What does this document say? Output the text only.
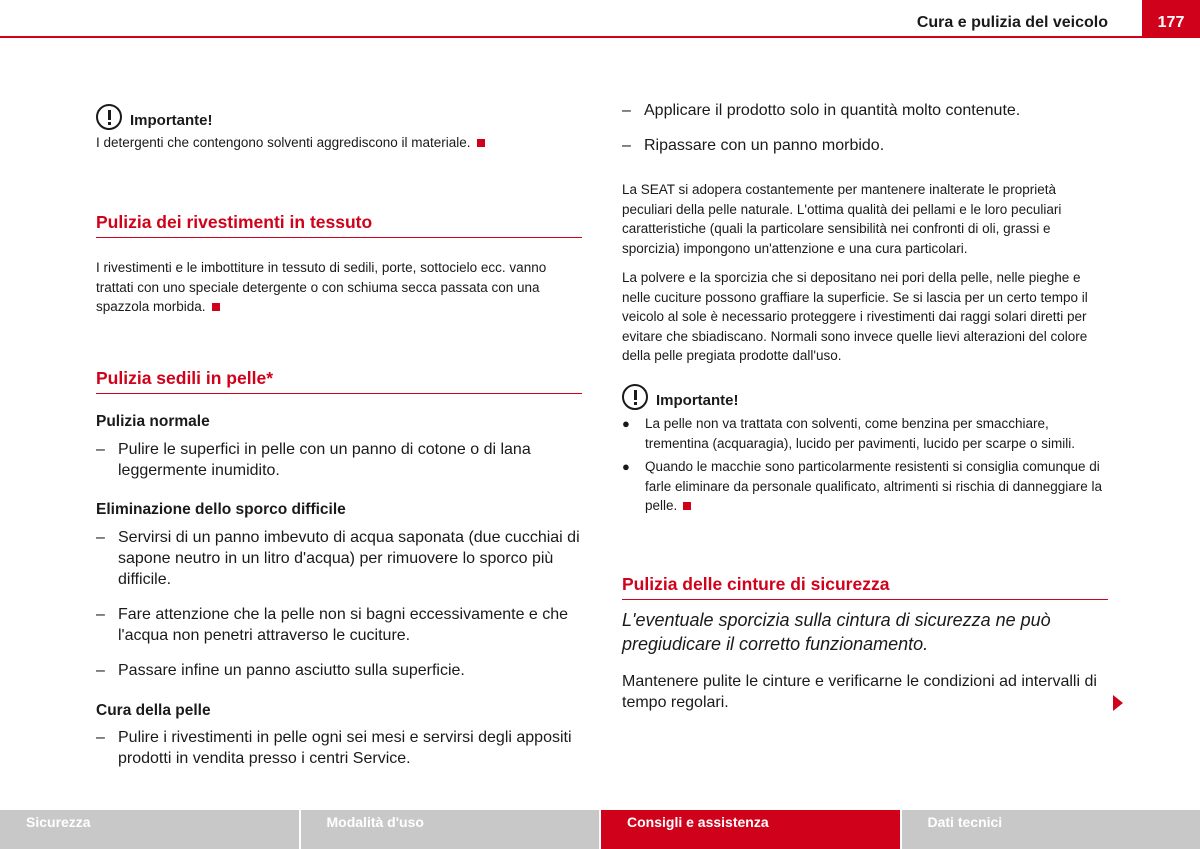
Cura e pulizia del veicolo	177
Importante!
I detergenti che contengono solventi aggrediscono il materiale.
Pulizia dei rivestimenti in tessuto
I rivestimenti e le imbottiture in tessuto di sedili, porte, sottocielo ecc. vanno trattati con uno speciale detergente o con schiuma secca passata con una spazzola morbida.
Pulizia sedili in pelle*
Pulizia normale
– Pulire le superfici in pelle con un panno di cotone o di lana leggermente inumidito.
Eliminazione dello sporco difficile
– Servirsi di un panno imbevuto di acqua saponata (due cucchiai di sapone neutro in un litro d'acqua) per rimuovere lo sporco più difficile.
– Fare attenzione che la pelle non si bagni eccessivamente e che l'acqua non penetri attraverso le cuciture.
– Passare infine un panno asciutto sulla superficie.
Cura della pelle
– Pulire i rivestimenti in pelle ogni sei mesi e servirsi degli appositi prodotti in vendita presso i centri Service.
– Applicare il prodotto solo in quantità molto contenute.
– Ripassare con un panno morbido.
La SEAT si adopera costantemente per mantenere inalterate le proprietà peculiari della pelle naturale. L'ottima qualità dei pellami e le loro peculiari caratteristiche (quali la particolare sensibilità nei confronti di oli, grassi e sporcizia) impongono un'attenzione e una cura particolari.
La polvere e la sporcizia che si depositano nei pori della pelle, nelle pieghe e nelle cuciture possono graffiare la superficie. Se si lascia per un certo tempo il veicolo al sole è necessario proteggere i rivestimenti dai raggi solari diretti per evitare che sbiadiscano. Normali sono invece quelle lievi alterazioni del colore della pelle pregiata prodotte dall'uso.
Importante!
●	La pelle non va trattata con solventi, come benzina per smacchiare, trementina (acquaragia), lucido per pavimenti, lucido per scarpe o simili.
●	Quando le macchie sono particolarmente resistenti si consiglia comunque di farle eliminare da personale qualificato, altrimenti si rischia di danneggiare la pelle.
Pulizia delle cinture di sicurezza
L'eventuale sporcizia sulla cintura di sicurezza ne può pregiudicare il corretto funzionamento.
Mantenere pulite le cinture e verificarne le condizioni ad intervalli di tempo regolari.
Sicurezza	Modalità d'uso	Consigli e assistenza	Dati tecnici
